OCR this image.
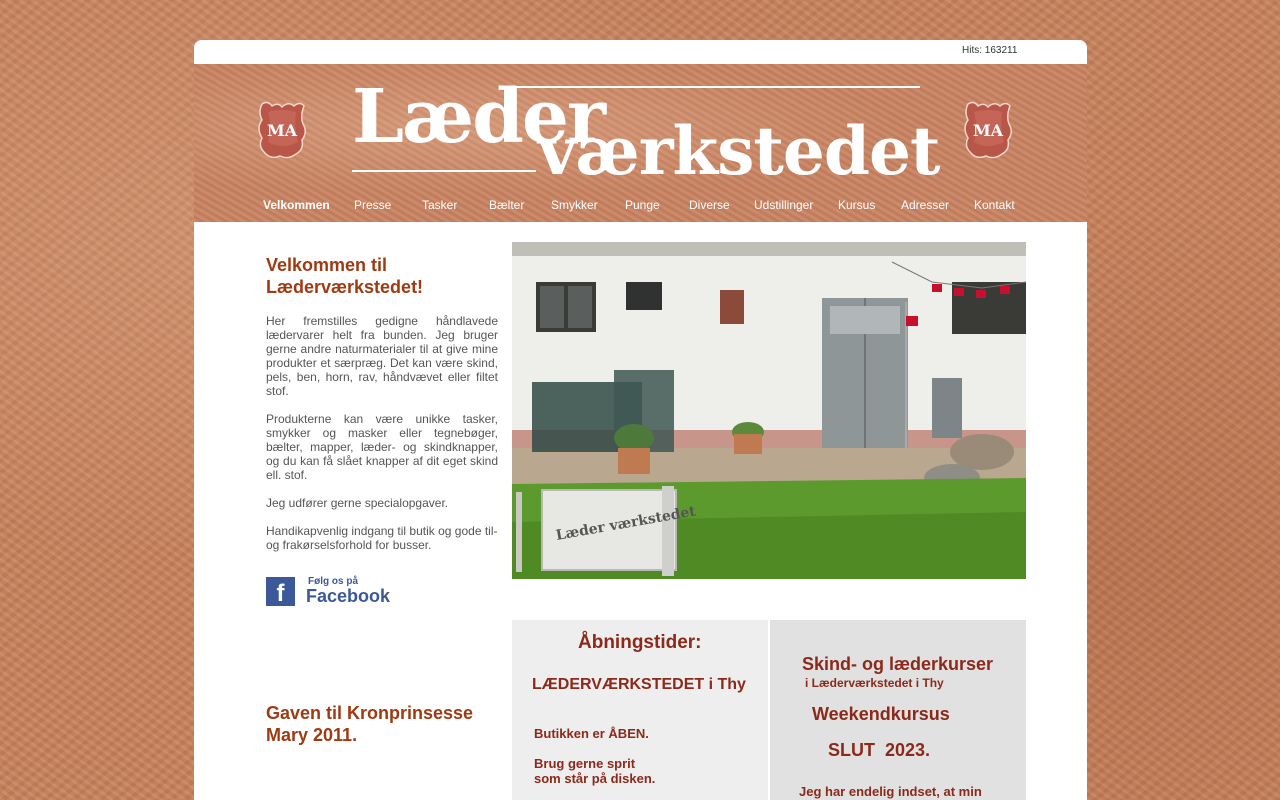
Hits: 163211
MA Læder
værkstedet MA
Velkommen Presse	Tasker	Bælter Smykker Punge Diverse Udstillinger Kursus Adresser Kontakt
Velkommen til Læderværkstedet!

Her fremstilles gedigne håndlavede lædervarer helt fra bunden. Jeg bruger gerne andre naturmaterialer til at give mine produkter et særpræg. Det kan være skind, pels, ben, horn, rav, håndvævet eller filtet stof.

Produkterne kan være unikke tasker, smykker og masker eller tegnebøger, bælter, mapper, læder- og skindknapper, og du kan få slået knapper af dit eget skind ell. stof.

Jeg udfører gerne specialopgaver.

Handikapvenlig indgang til butik og gode til- og frakørselsforhold for busser.

f	Følg os på
Facebook
Gaven til Kronprinsesse Mary 2011.
Læder værkstedet
Åbningstider:
LÆDERVÆRKSTEDET i Thy
Butikken er ÅBEN.
Brug gerne sprit
som står på disken.
Skind- og læderkurser
i Læderværkstedet i Thy
Weekendkursus
SLUT  2023.
Jeg har endelig indset, at min
